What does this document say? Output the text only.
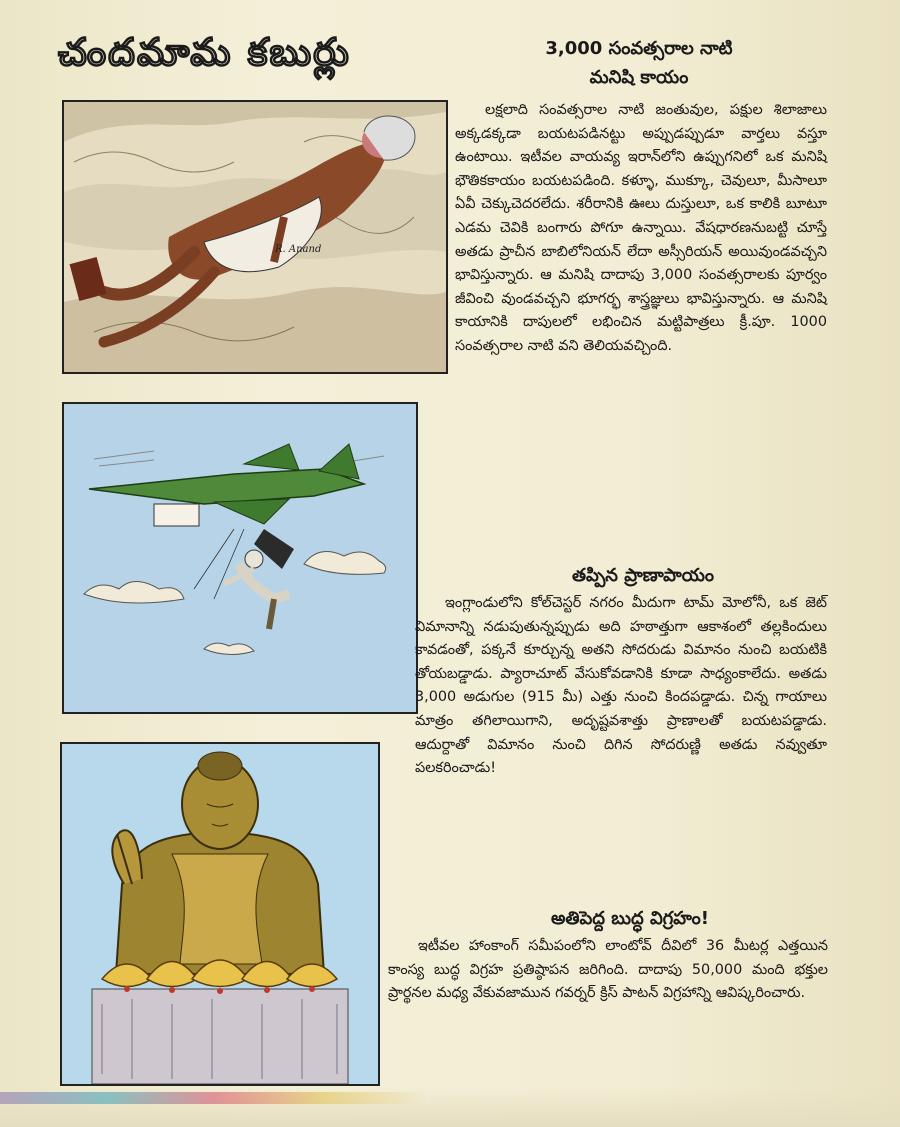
చందమామ కబుర్లు
R. Anand
3,000 సంవత్సరాల నాటి
మనిషి కాయం

లక్షలాది సంవత్సరాల నాటి జంతువుల, పక్షుల శిలాజాలు అక్కడక్కడా బయటపడినట్టు అప్పుడప్పుడూ వార్తలు వస్తూ ఉంటాయి. ఇటీవల వాయవ్య ఇరాన్‌లోని ఉప్పుగనిలో ఒక మనిషి భౌతికకాయం బయటపడింది. కళ్ళూ, ముక్కూ, చెవులూ, మీసాలూ ఏవీ చెక్కుచెదరలేదు. శరీరానికి ఊలు దుస్తులూ, ఒక కాలికి బూటూ ఎడమ చెవికి బంగారు పోగూ ఉన్నాయి. వేషధారణనుబట్టి చూస్తే అతడు ప్రాచీన బాబిలోనియన్ లేదా అస్సీరియన్ అయివుండవచ్చని భావిస్తున్నారు. ఆ మనిషి దాదాపు 3,000 సంవత్సరాలకు పూర్వం జీవించి వుండవచ్చని భూగర్భ శాస్త్రజ్ఞులు భావిస్తున్నారు. ఆ మనిషి కాయానికి దాపులలో లభించిన మట్టిపాత్రలు క్రీ.పూ. 1000 సంవత్సరాల నాటి వని తెలియవచ్చింది.

తప్పిన ప్రాణాపాయం

ఇంగ్లాండులోని కోల్‌చెస్టర్ నగరం మీదుగా టామ్ మోలోనీ, ఒక జెట్ విమానాన్ని నడుపుతున్నప్పుడు అది హఠాత్తుగా ఆకాశంలో తల్లకిందులు కావడంతో, పక్కనే కూర్చున్న అతని సోదరుడు విమానం నుంచి బయటికి తోయబడ్డాడు. ప్యారాచూట్ వేసుకోవడానికి కూడా సాధ్యంకాలేదు. అతడు 3,000 అడుగుల (915 మీ) ఎత్తు నుంచి కిందపడ్డాడు. చిన్న గాయాలు మాత్రం తగిలాయిగాని, అదృష్టవశాత్తు ప్రాణాలతో బయటపడ్డాడు. ఆదుర్దాతో విమానం నుంచి దిగిన సోదరుణ్ణి అతడు నవ్వుతూ పలకరించాడు!

అతిపెద్ద బుద్ధ విగ్రహం!

ఇటీవల హాంకాంగ్ సమీపంలోని లాంటోవ్ దీవిలో 36 మీటర్ల ఎత్తయిన కాంస్య బుద్ధ విగ్రహ ప్రతిష్ఠాపన జరిగింది. దాదాపు 50,000 మంది భక్తుల ప్రార్థనల మధ్య వేకువజామున గవర్నర్ క్రిస్ పాటన్ విగ్రహాన్ని ఆవిష్కరించారు.
